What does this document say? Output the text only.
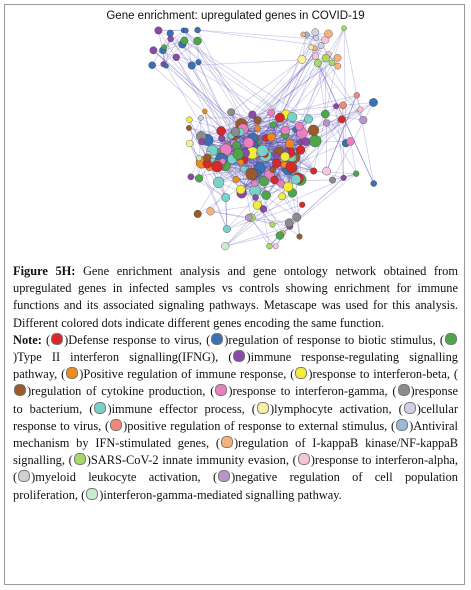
Gene enrichment: upregulated genes in COVID-19

Figure 5H: Gene enrichment analysis and gene ontology network obtained from upregulated genes in infected samples vs controls showing enrichment for immune functions and its associated signaling pathways. Metascape was used for this analysis. Different colored dots indicate different genes encoding the same function.

Note: ( )Defense response to virus, ( )regulation of response to biotic stimulus, ()Type II interferon signalling(IFNG), ( )immune response-regulating signalling pathway, ( )Positive regulation of immune response, ( )response to interferon-beta, ()regulation of cytokine production, ( )response to interferon-gamma, ( )response to bacterium, ( )immune effector process, ( )lymphocyte activation, ( )cellular response to virus, ( )positive regulation of response to external stimulus, ( )Antiviral mechanism by IFN-stimulated genes, ( )regulation of I-kappaB kinase/NF-kappaB signalling, ( )SARS-CoV-2 innate immunity evasion, ( )response to interferon-alpha, ( )myeloid leukocyte activation, ( )negative regulation of cell population proliferation, ( )interferon-gamma-mediated signalling pathway.
